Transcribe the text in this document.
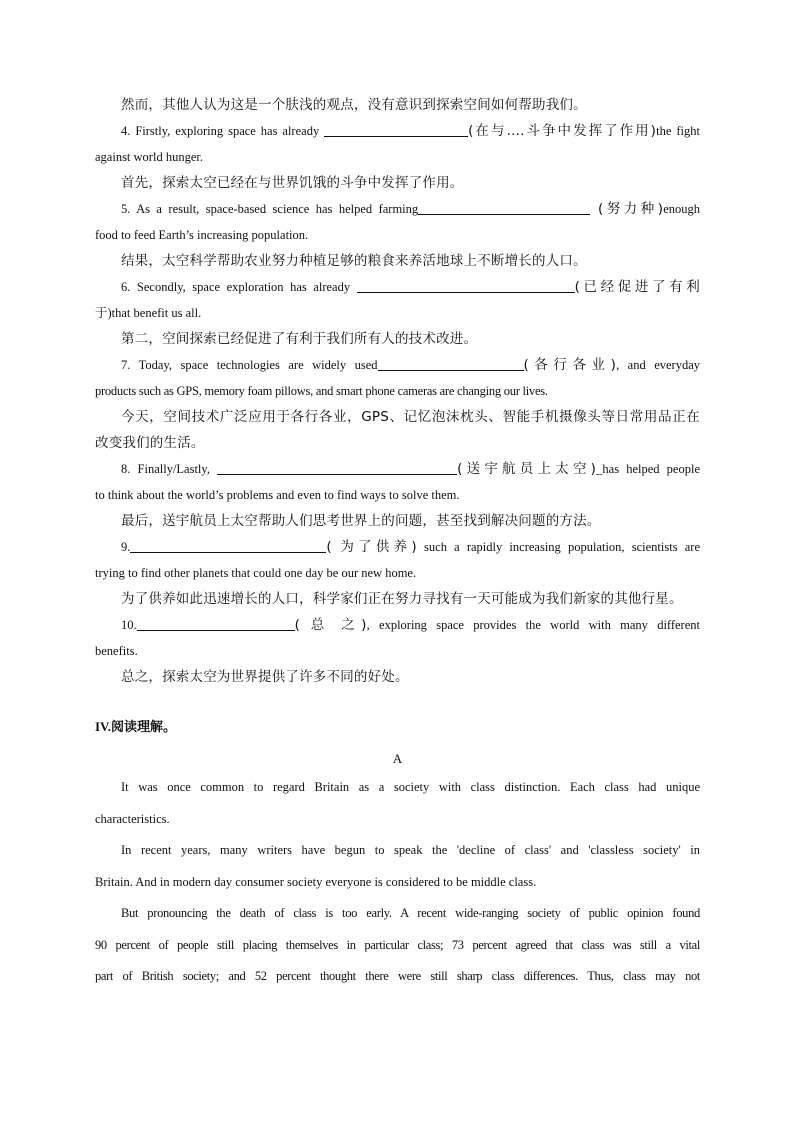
然而，其他人认为这是一个肤浅的观点，没有意识到探索空间如何帮助我们。
4. Firstly, exploring space has already	(在与….斗争中发挥了作用)the fight
against world hunger.
首先，探索太空已经在与世界饥饿的斗争中发挥了作用。
5. As a result, space-based science has helped farming	(努力种)enough
food to feed Earth’s increasing population.
结果，太空科学帮助农业努力种植足够的粮食来养活地球上不断增长的人口。
6. Secondly, space exploration has already	(已经促进了有利
于)that benefit us all.
第二，空间探索已经促进了有利于我们所有人的技术改进。
7. Today, space technologies are widely used	(各行各业), and everyday
products such as GPS, memory foam pillows, and smart phone cameras are changing our lives.
今天，空间技术广泛应用于各行各业，GPS、记忆泡沫枕头、智能手机摄像头等日常用品正在
改变我们的生活。
8. Finally/Lastly,	(送宇航员上太空)_has helped people
to think about the world’s problems and even to find ways to solve them.
最后，送宇航员上太空帮助人们思考世界上的问题，甚至找到解决问题的方法。
9.	( 为了供养) such a rapidly increasing population, scientists are
trying to find other planets that could one day be our new home.
为了供养如此迅速增长的人口，科学家们正在努力寻找有一天可能成为我们新家的其他行星。
10.	( 总 之), exploring space provides the world with many different
benefits.
总之，探索太空为世界提供了许多不同的好处。
IV.阅读理解。
A
It was once common to regard Britain as a society with class distinction. Each class had unique
characteristics.
In recent years, many writers have begun to speak the 'decline of class' and 'classless society' in
Britain. And in modern day consumer society everyone is considered to be middle class.
But pronouncing the death of class is too early. A recent wide-ranging society of public opinion found
90 percent of people still placing themselves in particular class; 73 percent agreed that class was still a vital
part of British society; and 52 percent thought there were still sharp class differences. Thus, class may not
